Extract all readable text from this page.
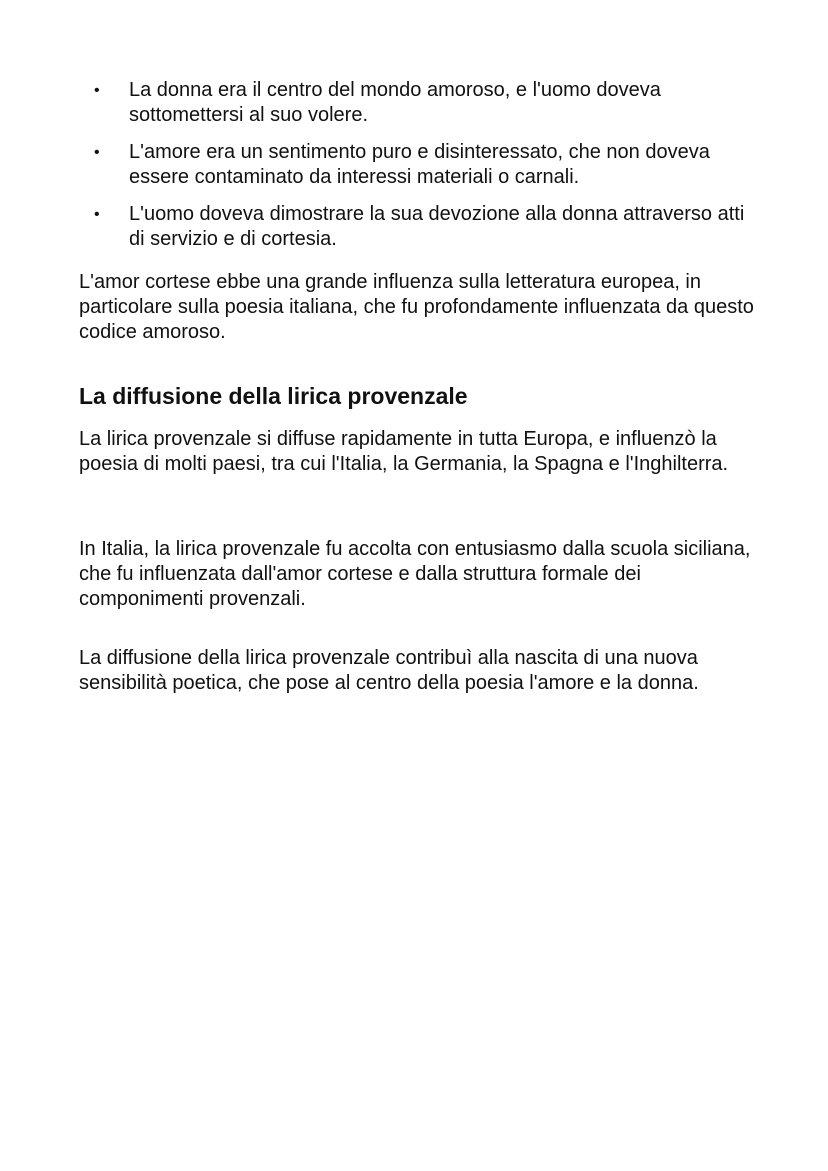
• La donna era il centro del mondo amoroso, e l'uomo doveva sottomettersi al suo volere.
• L'amore era un sentimento puro e disinteressato, che non doveva essere contaminato da interessi materiali o carnali.
• L'uomo doveva dimostrare la sua devozione alla donna attraverso atti di servizio e di cortesia.

L'amor cortese ebbe una grande influenza sulla letteratura europea, in particolare sulla poesia italiana, che fu profondamente influenzata da questo codice amoroso.

La diffusione della lirica provenzale

La lirica provenzale si diffuse rapidamente in tutta Europa, e influenzò la poesia di molti paesi, tra cui l'Italia, la Germania, la Spagna e l'Inghilterra.

In Italia, la lirica provenzale fu accolta con entusiasmo dalla scuola siciliana, che fu influenzata dall'amor cortese e dalla struttura formale dei componimenti provenzali.

La diffusione della lirica provenzale contribuì alla nascita di una nuova sensibilità poetica, che pose al centro della poesia l'amore e la donna.
